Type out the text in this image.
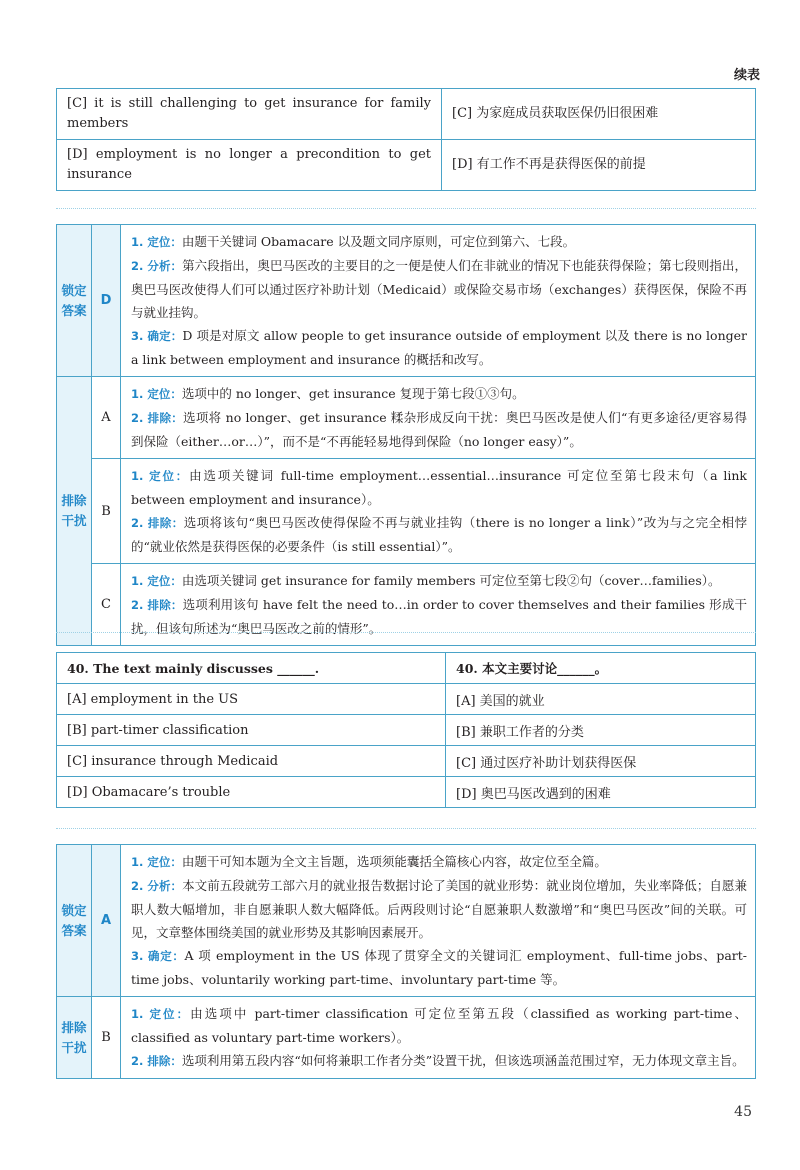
续表
[C] it is still challenging to get insurance for family members	[C] 为家庭成员获取医保仍旧很困难
[D] employment is no longer a precondition to get insurance	[D] 有工作不再是获得医保的前提
锁定答案	D	1. 定位：由题干关键词 Obamacare 以及题文同序原则，可定位到第六、七段。

2. 分析：第六段指出，奥巴马医改的主要目的之一便是使人们在非就业的情况下也能获得保险；第七段则指出，奥巴马医改使得人们可以通过医疗补助计划（Medicaid）或保险交易市场（exchanges）获得医保，保险不再与就业挂钩。

3. 确定：D 项是对原文 allow people to get insurance outside of employment 以及 there is no longer a link between employment and insurance 的概括和改写。

排除干扰	A	1. 定位：选项中的 no longer、get insurance 复现于第七段①③句。

2. 排除：选项将 no longer、get insurance 糅杂形成反向干扰：奥巴马医改是使人们“有更多途径/更容易得到保险（either…or…）”，而不是“不再能轻易地得到保险（no longer easy）”。

	B	1. 定位：由选项关键词 full-time employment…essential…insurance 可定位至第七段末句（a link between employment and insurance）。

2. 排除：选项将该句“奥巴马医改使得保险不再与就业挂钩（there is no longer a link）”改为与之完全相悖的“就业依然是获得医保的必要条件（is still essential）”。

	C	1. 定位：由选项关键词 get insurance for family members 可定位至第七段②句（cover…families）。

2. 排除：选项利用该句 have felt the need to…in order to cover themselves and their families 形成干扰，但该句所述为“奥巴马医改之前的情形”。

40. The text mainly discusses ______.	40. 本文主要讨论______。
[A] employment in the US	[A] 美国的就业
[B] part-timer classification	[B] 兼职工作者的分类
[C] insurance through Medicaid	[C] 通过医疗补助计划获得医保
[D] Obamacare’s trouble	[D] 奥巴马医改遇到的困难
锁定答案	A	1. 定位：由题干可知本题为全文主旨题，选项须能囊括全篇核心内容，故定位至全篇。

2. 分析：本文前五段就劳工部六月的就业报告数据讨论了美国的就业形势：就业岗位增加，失业率降低；自愿兼职人数大幅增加，非自愿兼职人数大幅降低。后两段则讨论“自愿兼职人数激增”和“奥巴马医改”间的关联。可见，文章整体围绕美国的就业形势及其影响因素展开。

3. 确定：A 项 employment in the US 体现了贯穿全文的关键词汇 employment、full-time jobs、part-time jobs、voluntarily working part-time、involuntary part-time 等。

排除干扰	B	1. 定位：由选项中 part-timer classification 可定位至第五段（classified as working part-time、classified as voluntary part-time workers）。

2. 排除：选项利用第五段内容“如何将兼职工作者分类”设置干扰，但该选项涵盖范围过窄，无力体现文章主旨。

45
